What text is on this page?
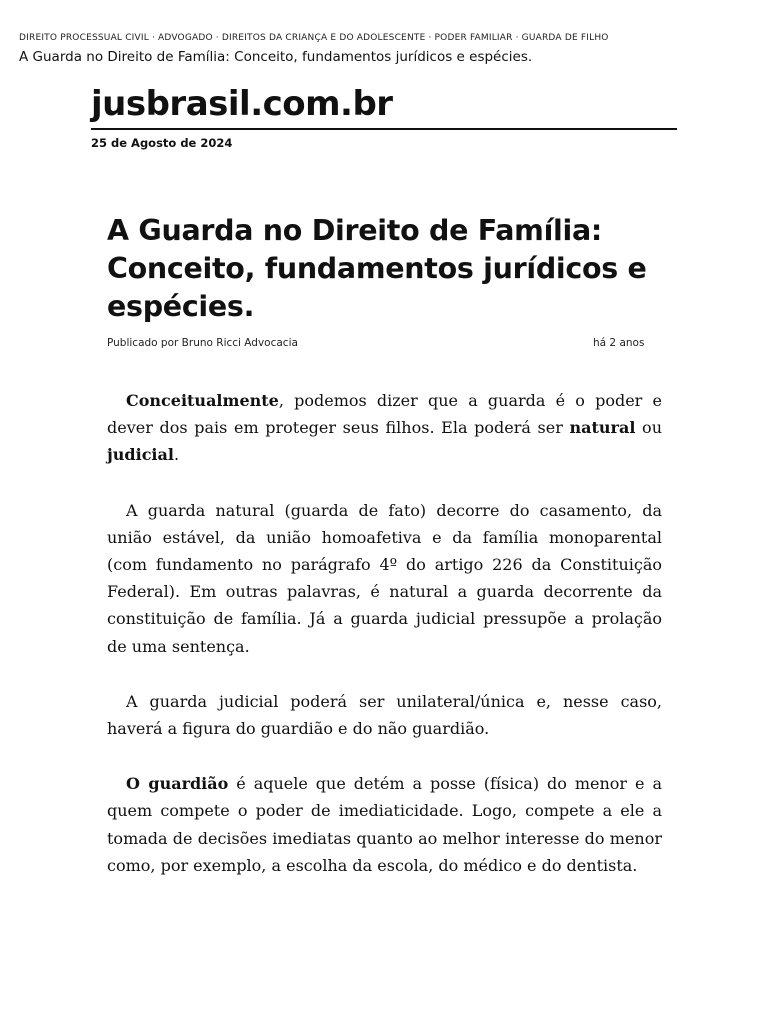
DIREITO PROCESSUAL CIVIL · ADVOGADO · DIREITOS DA CRIANÇA E DO ADOLESCENTE · PODER FAMILIAR · GUARDA DE FILHO
A Guarda no Direito de Família: Conceito, fundamentos jurídicos e espécies.
jusbrasil.com.br
25 de Agosto de 2024
A Guarda no Direito de Família: Conceito, fundamentos jurídicos e espécies.
Publicado por Bruno Ricci Advocacia	há 2 anos

Conceitualmente, podemos dizer que a guarda é o poder e dever dos pais em proteger seus filhos. Ela poderá ser natural ou judicial.

A guarda natural (guarda de fato) decorre do casamento, da união estável, da união homoafetiva e da família monoparental (com fundamento no parágrafo 4º do artigo 226 da Constituição Federal). Em outras palavras, é natural a guarda decorrente da constituição de família. Já a guarda judicial pressupõe a prolação de uma sentença.

A guarda judicial poderá ser unilateral/única e, nesse caso, haverá a figura do guardião e do não guardião.

O guardião é aquele que detém a posse (física) do menor e a quem compete o poder de imediaticidade. Logo, compete a ele a tomada de decisões imediatas quanto ao melhor interesse do menor como, por exemplo, a escolha da escola, do médico e do dentista.
